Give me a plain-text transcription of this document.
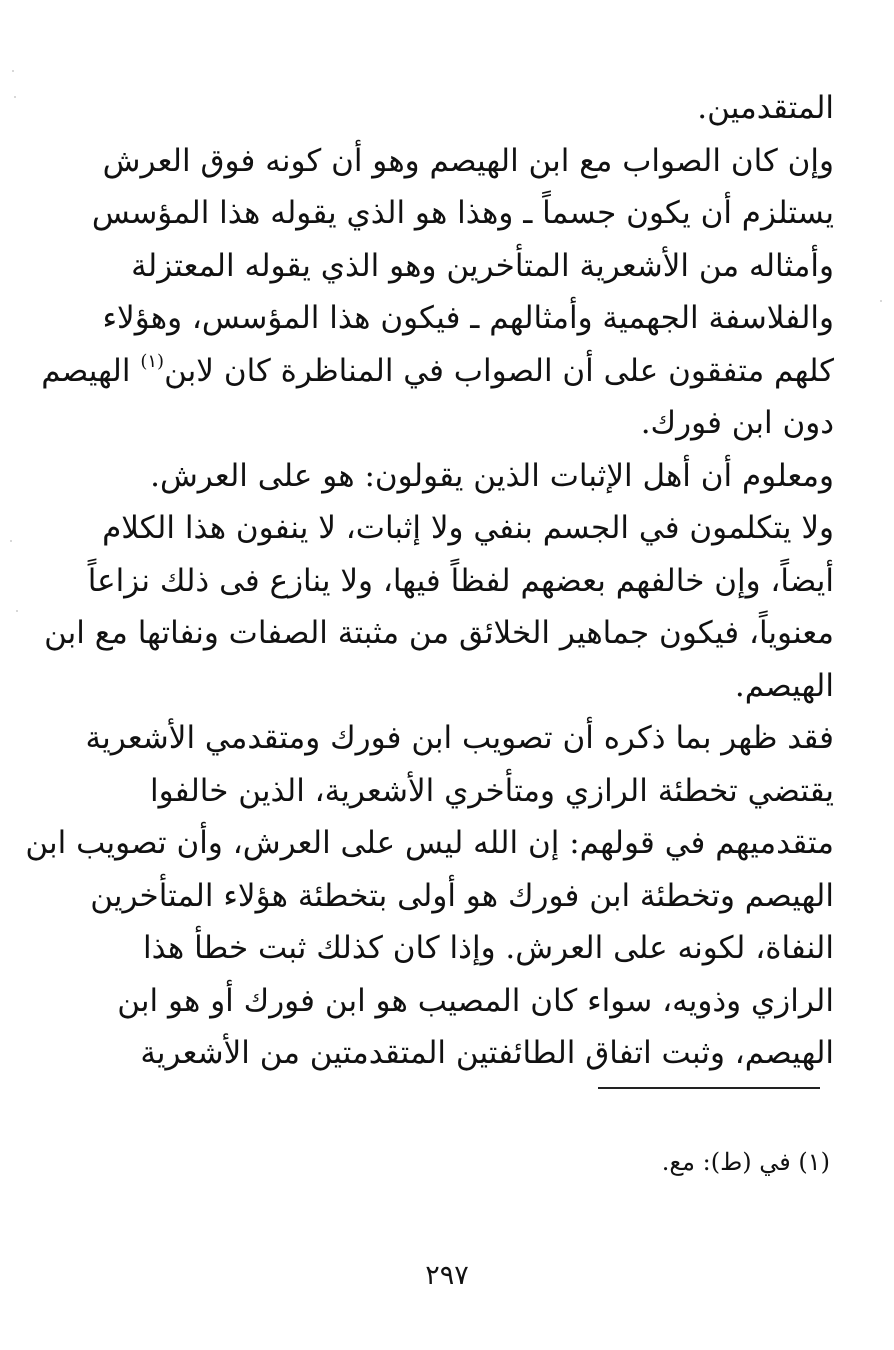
المتقدمين.
وإن كان الصواب مع ابن الهيصم وهو أن كونه فوق العرش
يستلزم أن يكون جسماً ـ وهذا هو الذي يقوله هذا المؤسس
وأمثاله من الأشعرية المتأخرين وهو الذي يقوله المعتزلة
والفلاسفة الجهمية وأمثالهم ـ فيكون هذا المؤسس، وهؤلاء
كلهم متفقون على أن الصواب في المناظرة كان لابن$^{(١)}$ الهيصم
دون ابن فورك.
ومعلوم أن أهل الإثبات الذين يقولون: هو على العرش.
ولا يتكلمون في الجسم بنفي ولا إثبات، لا ينفون هذا الكلام
أيضاً، وإن خالفهم بعضهم لفظاً فيها، ولا ينازع فى ذلك نزاعاً
معنوياً، فيكون جماهير الخلائق من مثبتة الصفات ونفاتها مع ابن
الهيصم.
فقد ظهر بما ذكره أن تصويب ابن فورك ومتقدمي الأشعرية
يقتضي تخطئة الرازي ومتأخري الأشعرية، الذين خالفوا
متقدميهم في قولهم: إن الله ليس على العرش، وأن تصويب ابن
الهيصم وتخطئة ابن فورك هو أولى بتخطئة هؤلاء المتأخرين
النفاة، لكونه على العرش. وإذا كان كذلك ثبت خطأ هذا
الرازي وذويه، سواء كان المصيب هو ابن فورك أو هو ابن
الهيصم، وثبت اتفاق الطائفتين المتقدمتين من الأشعرية
(١) في (ط): مع.
٢٩٧
